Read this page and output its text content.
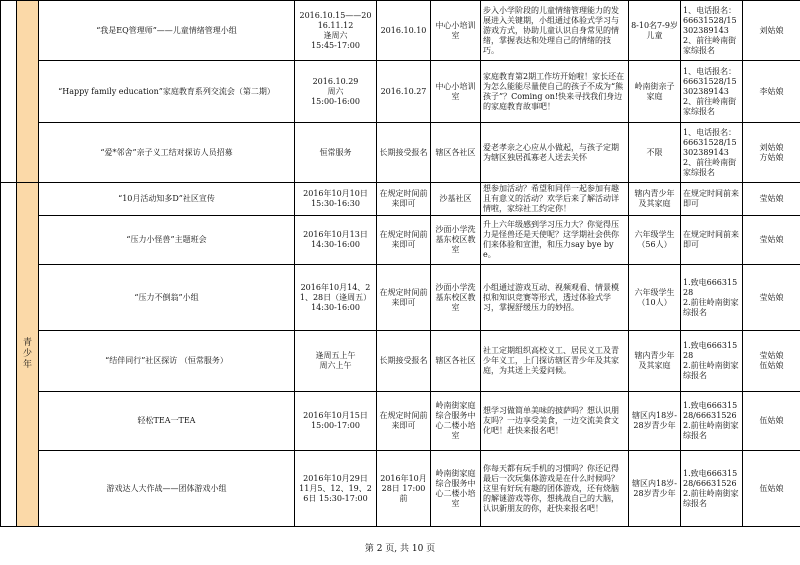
		“我是EQ管理师”——儿童情绪管理小组	2016.10.15——20
16.11.12
逢周六
15:45-17:00	2016.10.10	中心小培训室	步入小学阶段的儿童情绪管理能力的发展进入关键期，小组通过体验式学习与游戏方式，协助儿童认识自身常见的情绪，掌握表达和处理自己的情绪的技巧。	8-10名7-9岁儿童	1、电话报名：66631528/15302389143
2、前往岭南街家综报名	刘姑娘
		“Happy family education”家庭教育系列交流会（第二期）	2016.10.29
周六
15:00-16:00	2016.10.27	中心小培训室	家庭教育第2期工作坊开始啦！家长还在为怎么能能尽量使自己的孩子不成为“熊孩子”？Coming on!快来寻找我们身边的家庭教育故事吧！	岭南街亲子家庭	1、电话报名：66631528/15302389143
2、前往岭南街家综报名	李姑娘
		“爱*邻舍”亲子义工结对探访人员招募	恒常服务	长期接受报名	辖区各社区	爱老孝亲之心应从小做起，与孩子定期为辖区独居孤寡老人送去关怀	不限	1、电话报名：66631528/15302389143
2、前往岭南街家综报名	刘姑娘
方姑娘
	青少
年	“10月活动知多D”社区宣传	2016年10月10日
15:30-16:30	在规定时间前来即可	沙基社区	想参加活动？希望和同伴一起参加有趣且有意义的活动？欢学后来了解活动详情啦，家综社工约定你！	辖内青少年及其家庭	在规定时间前来即可	莹姑娘
		“压力小怪兽”主题班会	2016年10月13日
14:30-16:00	在规定时间前来即可	沙面小学洗基东校区教室	升上六年级感到学习压力大？你觉得压力是怪兽还是天使呢？这学期社会供你们来体验和宣泄，和压力say bye bye。	六年级学生（56人）	在规定时间前来即可	莹姑娘
		“压力不倒翁”小组	2016年10月14、21、28日（逢周五）
14:30-16:00	在规定时间前来即可	沙面小学洗基东校区教室	小组通过游戏互动、视频观看、情景模拟和知识竞赛等形式，透过体验式学习，掌握舒缓压力的妙招。	六年级学生（10人）	1.致电66631528
2.前往岭南街家综报名	莹姑娘
		“结伴同行”社区探访 （恒常服务）	逢周五上午
周六上午	长期接受报名	辖区各社区	社工定期组织高校义工、居民义工及青少年义工，上门探访辖区青少年及其家庭，为其送上关爱问候。	辖内青少年及其家庭	1.致电66631528
2.前往岭南街家综报名	莹姑娘
伍姑娘
		轻松TEA一TEA	2016年10月15日
15:00-17:00	在规定时间前来即可	岭南街家庭综合服务中心二楼小培室	想学习做简单美味的披萨吗？想认识朋友吗？一边享受美食，一边交流美食文化吧！赶快来报名吧！	辖区内18岁-28岁青少年	1.致电66631528/66631526
2.前往岭南街家综报名	伍姑娘
		游戏达人大作战——团体游戏小组	2016年10月29日
11月5、12、19、26日 15:30-17:00	2016年10月28日 17:00前	岭南街家庭综合服务中心二楼小培室	你每天都有玩手机的习惯吗？你还记得最后一次玩集体游戏是在什么时候吗？这里有好玩有趣的团体游戏，还有烧脑的解谜游戏等你，想挑战自己的大脑，认识新朋友的你，赶快来报名吧！	辖区内18岁-28岁青少年	1.致电66631528/66631526
2.前往岭南街家综报名	伍姑娘
第 2 页, 共 10 页
